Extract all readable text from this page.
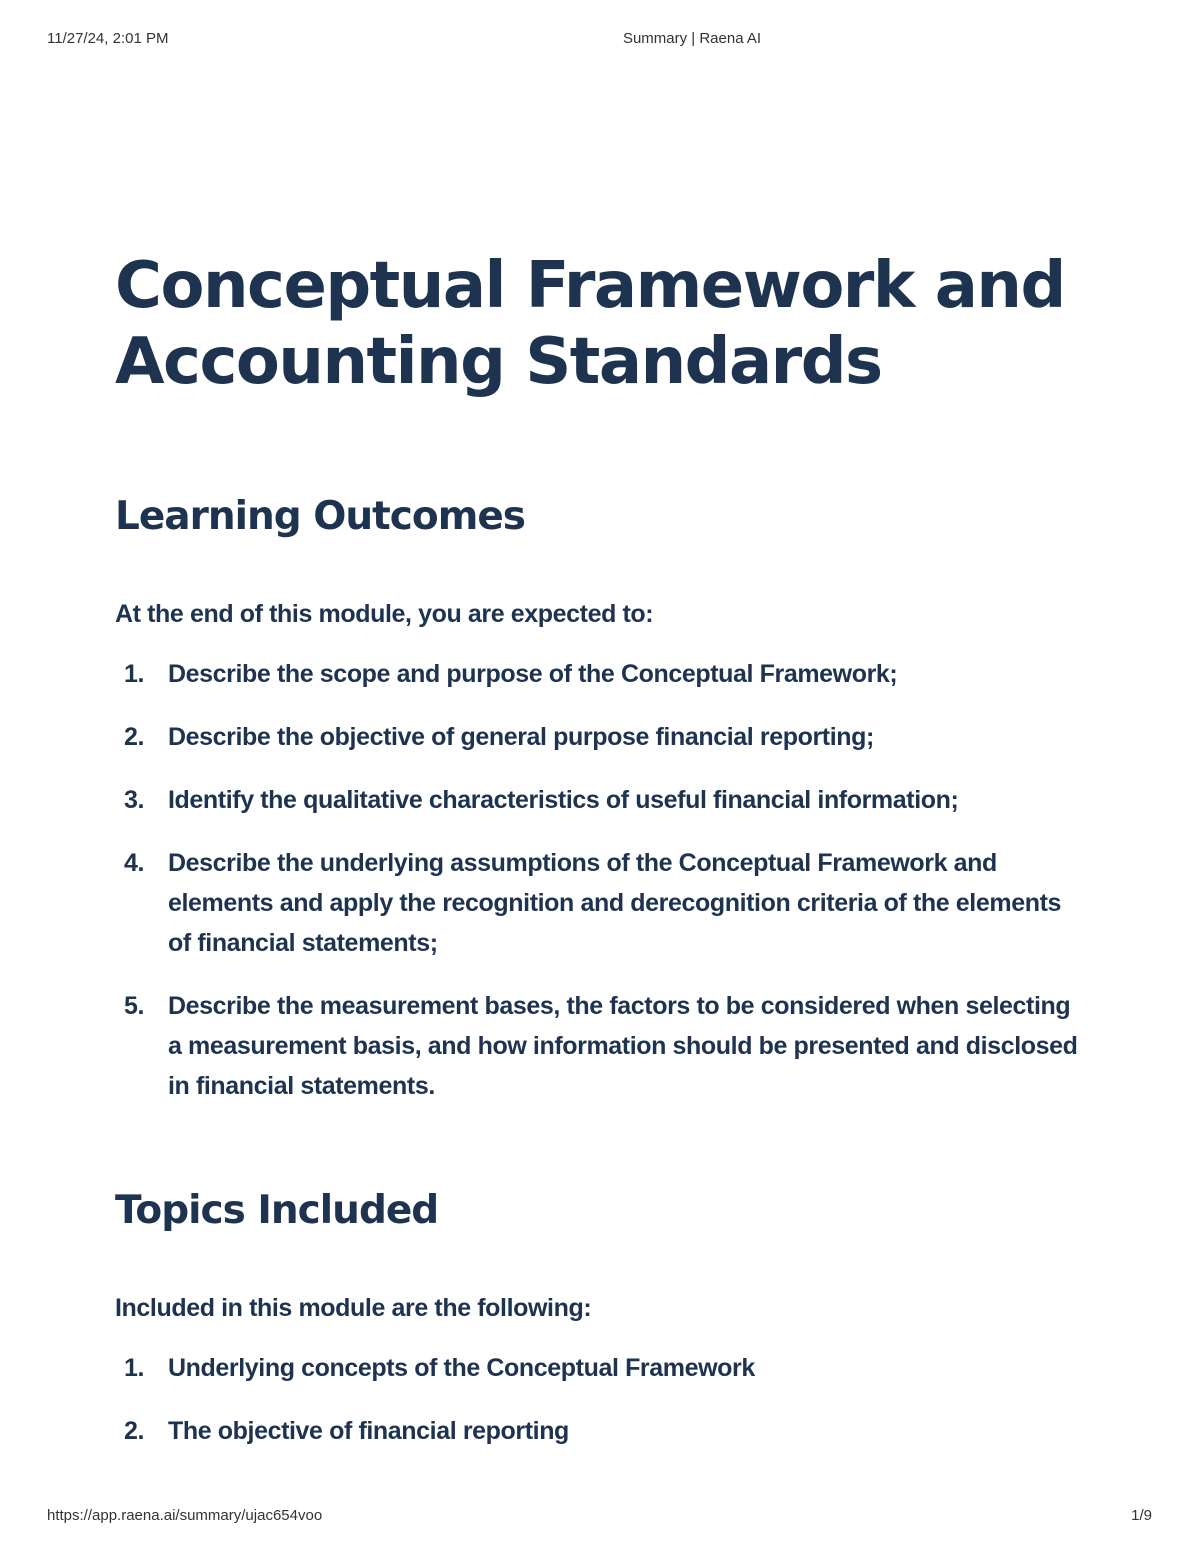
11/27/24, 2:01 PM	Summary | Raena AI
Conceptual Framework and Accounting Standards
Learning Outcomes

At the end of this module, you are expected to:

1. Describe the scope and purpose of the Conceptual Framework;
2. Describe the objective of general purpose financial reporting;
3. Identify the qualitative characteristics of useful financial information;
4. Describe the underlying assumptions of the Conceptual Framework and elements and apply the recognition and derecognition criteria of the elements of financial statements;
5. Describe the measurement bases, the factors to be considered when selecting a measurement basis, and how information should be presented and disclosed in financial statements.
Topics Included

Included in this module are the following:

1. Underlying concepts of the Conceptual Framework
2. The objective of financial reporting
https://app.raena.ai/summary/ujac654voo	1/9
